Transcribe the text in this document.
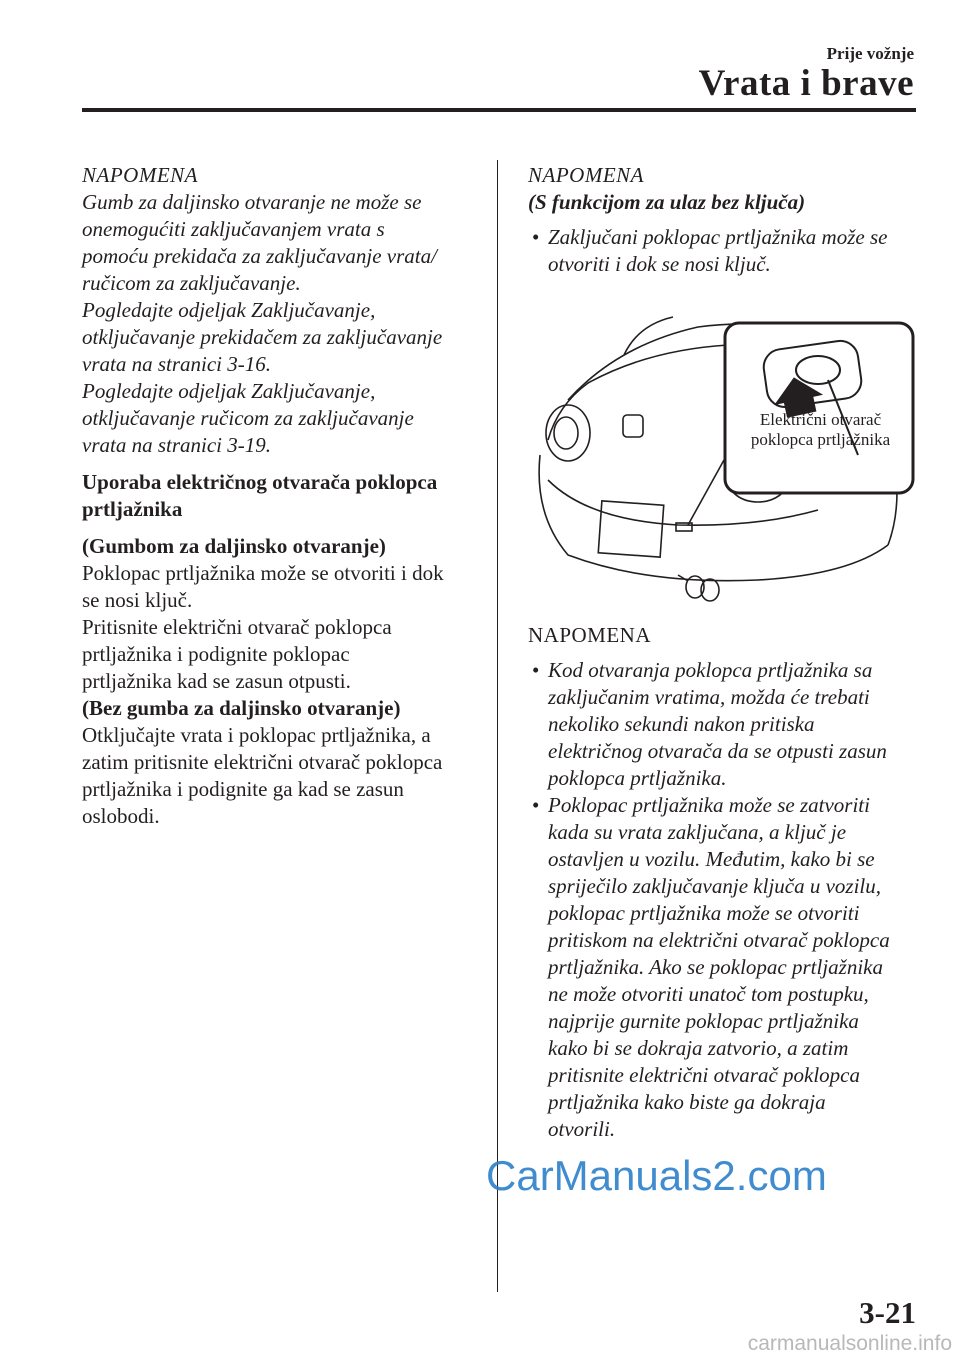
Prije vožnje
Vrata i brave

NAPOMENA

Gumb za daljinsko otvaranje ne može se

onemogućiti zaključavanjem vrata s

pomoću prekidača za zaključavanje vrata/

ručicom za zaključavanje.

Pogledajte odjeljak Zaključavanje,

otključavanje prekidačem za zaključavanje

vrata na stranici 3-16.

Pogledajte odjeljak Zaključavanje,

otključavanje ručicom za zaključavanje

vrata na stranici 3-19.

Uporaba električnog otvarača poklopca

prtljažnika

(Gumbom za daljinsko otvaranje)

Poklopac prtljažnika može se otvoriti i dok

se nosi ključ.

Pritisnite električni otvarač poklopca

prtljažnika i podignite poklopac

prtljažnika kad se zasun otpusti.

(Bez gumba za daljinsko otvaranje)

Otključajte vrata i poklopac prtljažnika, a

zatim pritisnite električni otvarač poklopca

prtljažnika i podignite ga kad se zasun

oslobodi.

NAPOMENA

(S funkcijom za ulaz bez ključa)

• Zaključani poklopac prtljažnika može se

otvoriti i dok se nosi ključ.

Električni otvarač
poklopca prtljažnika

NAPOMENA

• Kod otvaranja poklopca prtljažnika sa

zaključanim vratima, možda će trebati

nekoliko sekundi nakon pritiska

električnog otvarača da se otpusti zasun

poklopca prtljažnika.

• Poklopac prtljažnika može se zatvoriti

kada su vrata zaključana, a ključ je

ostavljen u vozilu. Međutim, kako bi se

spriječilo zaključavanje ključa u vozilu,

poklopac prtljažnika može se otvoriti

pritiskom na električni otvarač poklopca

prtljažnika. Ako se poklopac prtljažnika

ne može otvoriti unatoč tom postupku,

najprije gurnite poklopac prtljažnika

kako bi se dokraja zatvorio, a zatim

pritisnite električni otvarač poklopca

prtljažnika kako biste ga dokraja

otvorili.

CarManuals2.com
3-21
carmanualsonline.info
